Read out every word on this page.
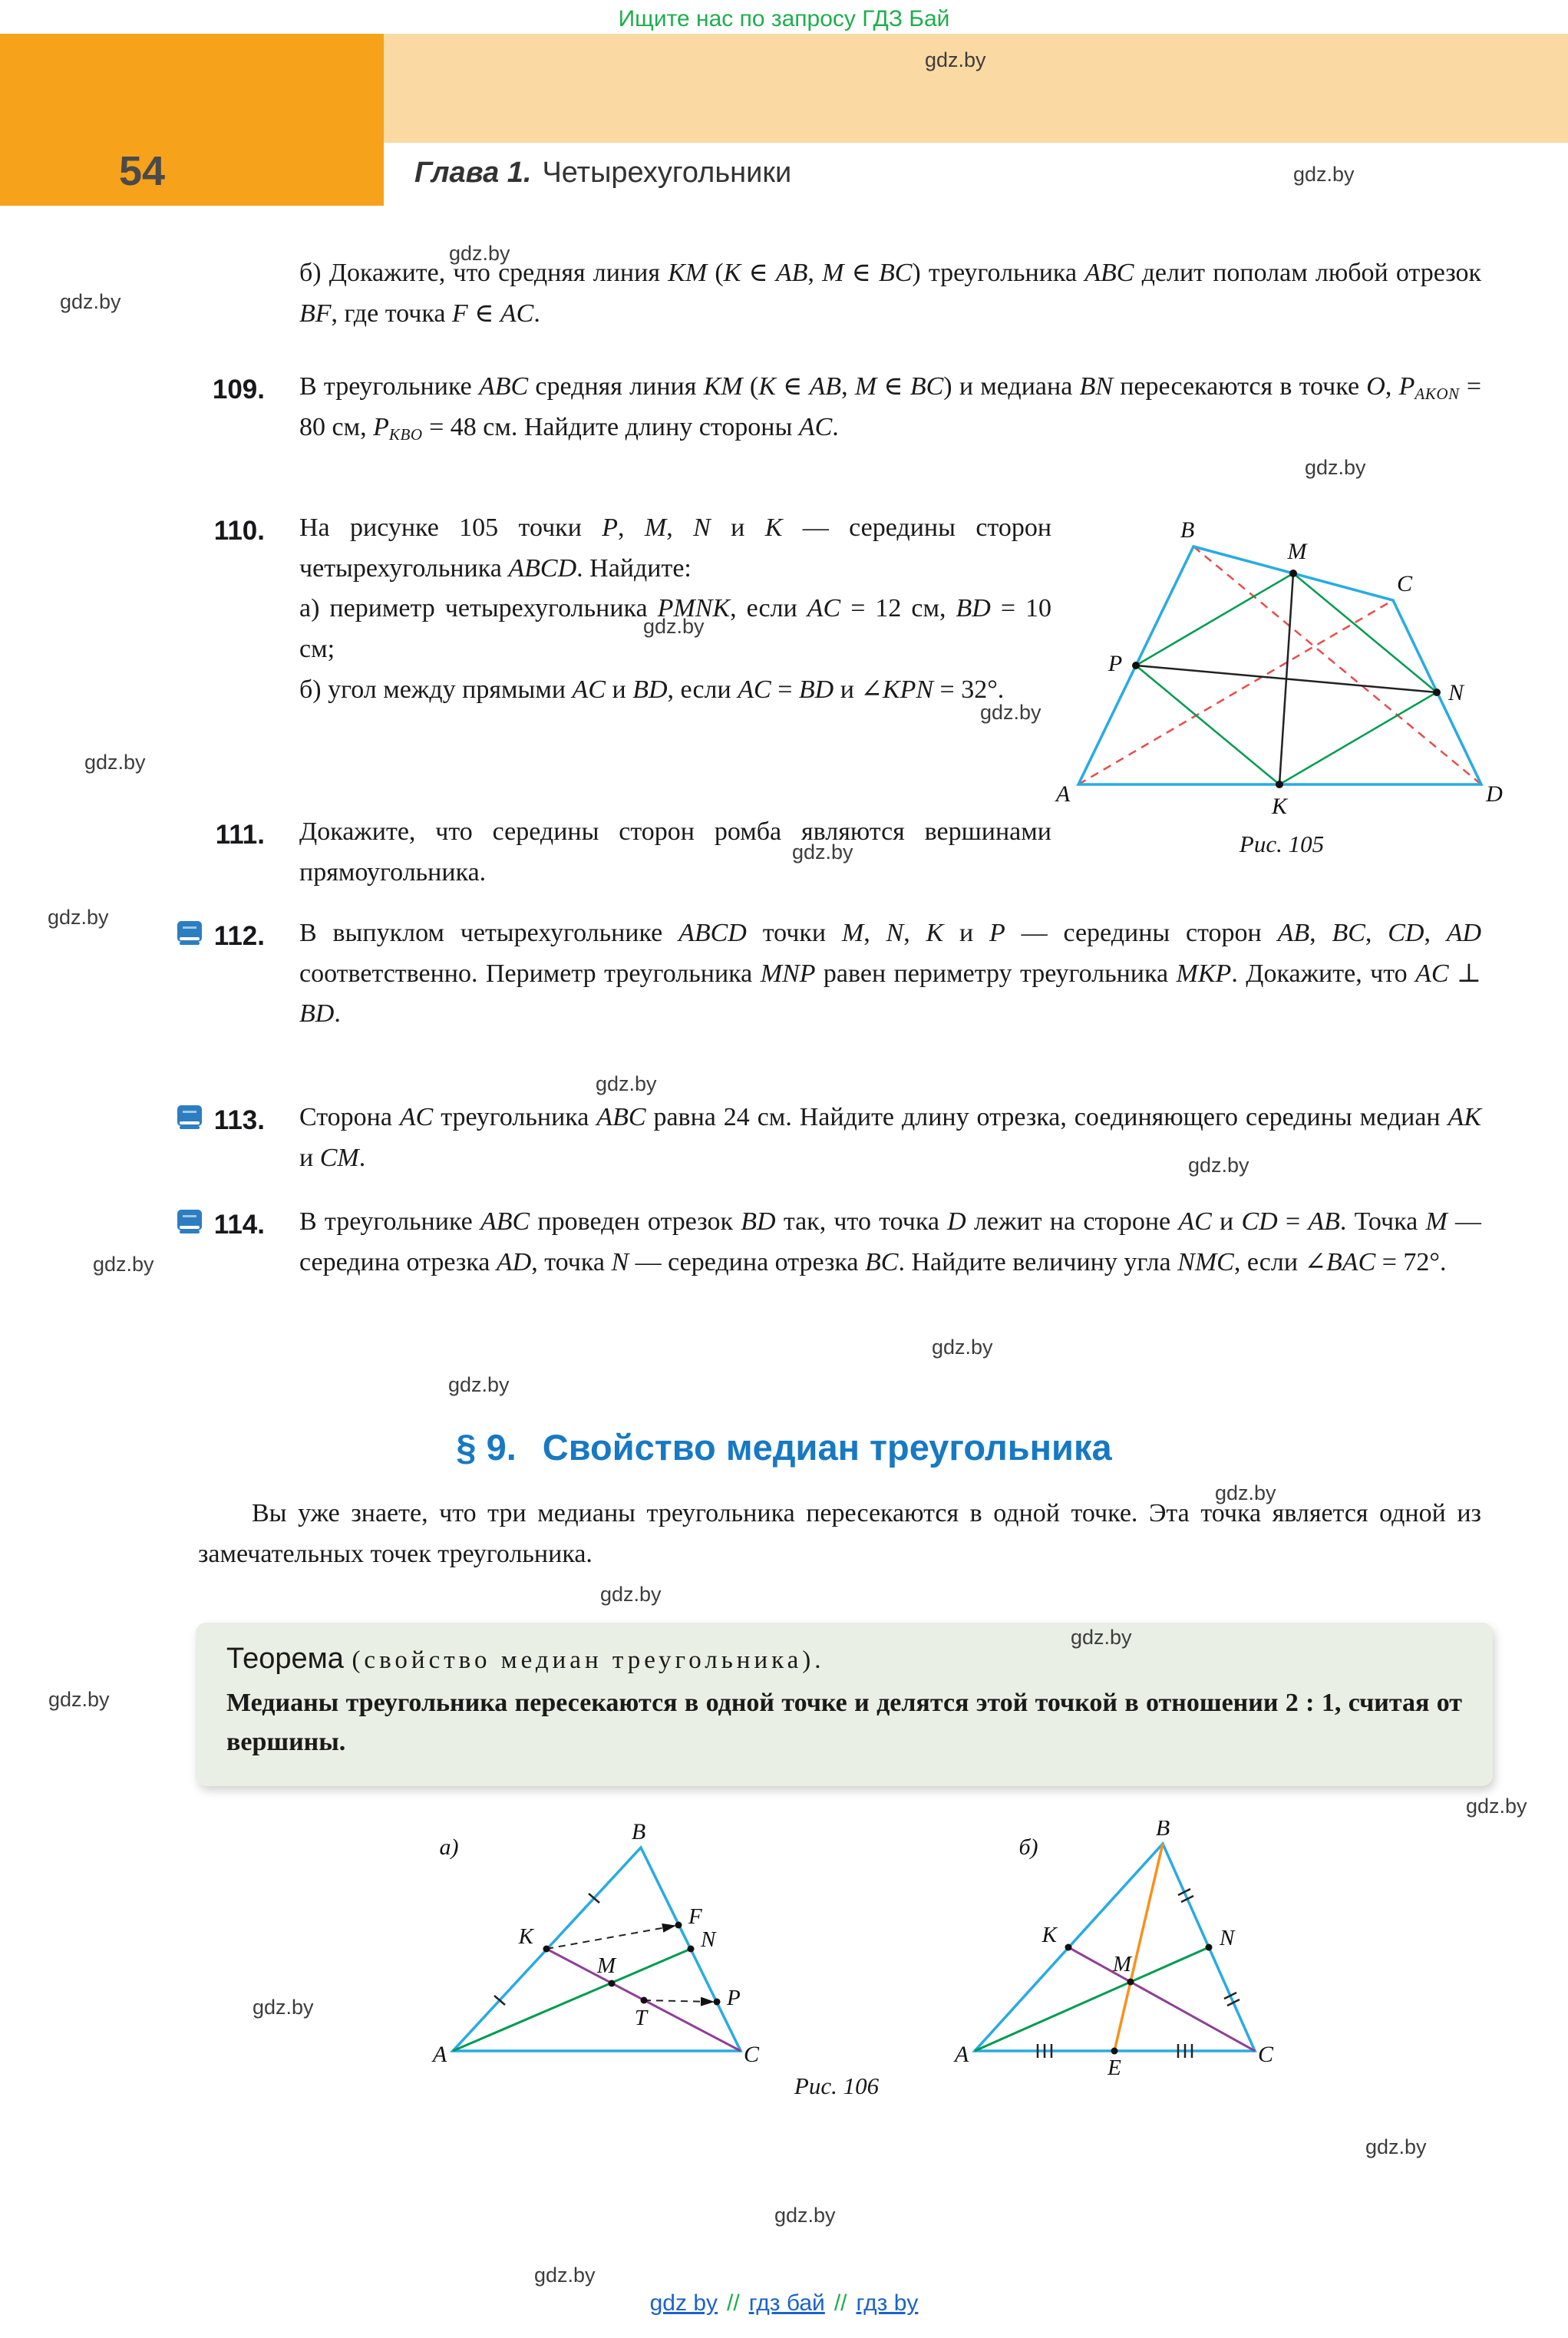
Ищите нас по запросу ГДЗ Бай
54	Глава 1. Четырехугольники
gdz.by
gdz.by
gdz.by
gdz.by
gdz.by
gdz.by
gdz.by
gdz.by
gdz.by
gdz.by
gdz.by
gdz.by
gdz.by
gdz.by
gdz.by
gdz.by
gdz.by
gdz.by
gdz.by
gdz.by
gdz.by
gdz.by
gdz.by
gdz.by
б) Докажите, что средняя линия KM (K ∈ AB, M ∈ BC) треугольника ABC делит пополам любой отрезок BF, где точка F ∈ AC.
109. В треугольнике ABC средняя линия KM (K ∈ AB, M ∈ BC) и медиана BN пересекаются в точке O, $P_{AKON} = 80$ см, $P_{KBO} = 48$ см. Найдите длину стороны AC.
110. На рисунке 105 точки P, M, N и K — середины сторон четырехугольника ABCD. Найдите:
а) периметр четырехугольника PMNK, если AC = 12 см, BD = 10 см;
б) угол между прямыми AC и BD, если AC = BD и ∠KPN = 32°.
A
B
C
D
P
M
N
K
Рис. 105
111. Докажите, что середины сторон ромба являются вершинами прямоугольника.
112. В выпуклом четырехугольнике ABCD точки M, N, K и P — середины сторон AB, BC, CD, AD соответственно. Периметр треугольника MNP равен периметру треугольника MKP. Докажите, что AC ⊥ BD.
113. Сторона AC треугольника ABC равна 24 см. Найдите длину отрезка, соединяющего середины медиан AK и CM.
114. В треугольнике ABC проведен отрезок BD так, что точка D лежит на стороне AC и CD = AB. Точка M — середина отрезка AD, точка N — середина отрезка BC. Найдите величину угла NMC, если ∠BAC = 72°.
§ 9. Свойство медиан треугольника
Вы уже знаете, что три медианы треугольника пересекаются в одной точке. Эта точка является одной из замечательных точек треугольника.
Теорема (свойство медиан треугольника).
Медианы треугольника пересекаются в одной точке и делятся этой точкой в отношении 2 : 1, считая от вершины.
а)
B
F
K	N
M
P
T
A	C
б)
B
K	N
M
A	C
E
Рис. 106
gdz by // гдз бай // гдз by
